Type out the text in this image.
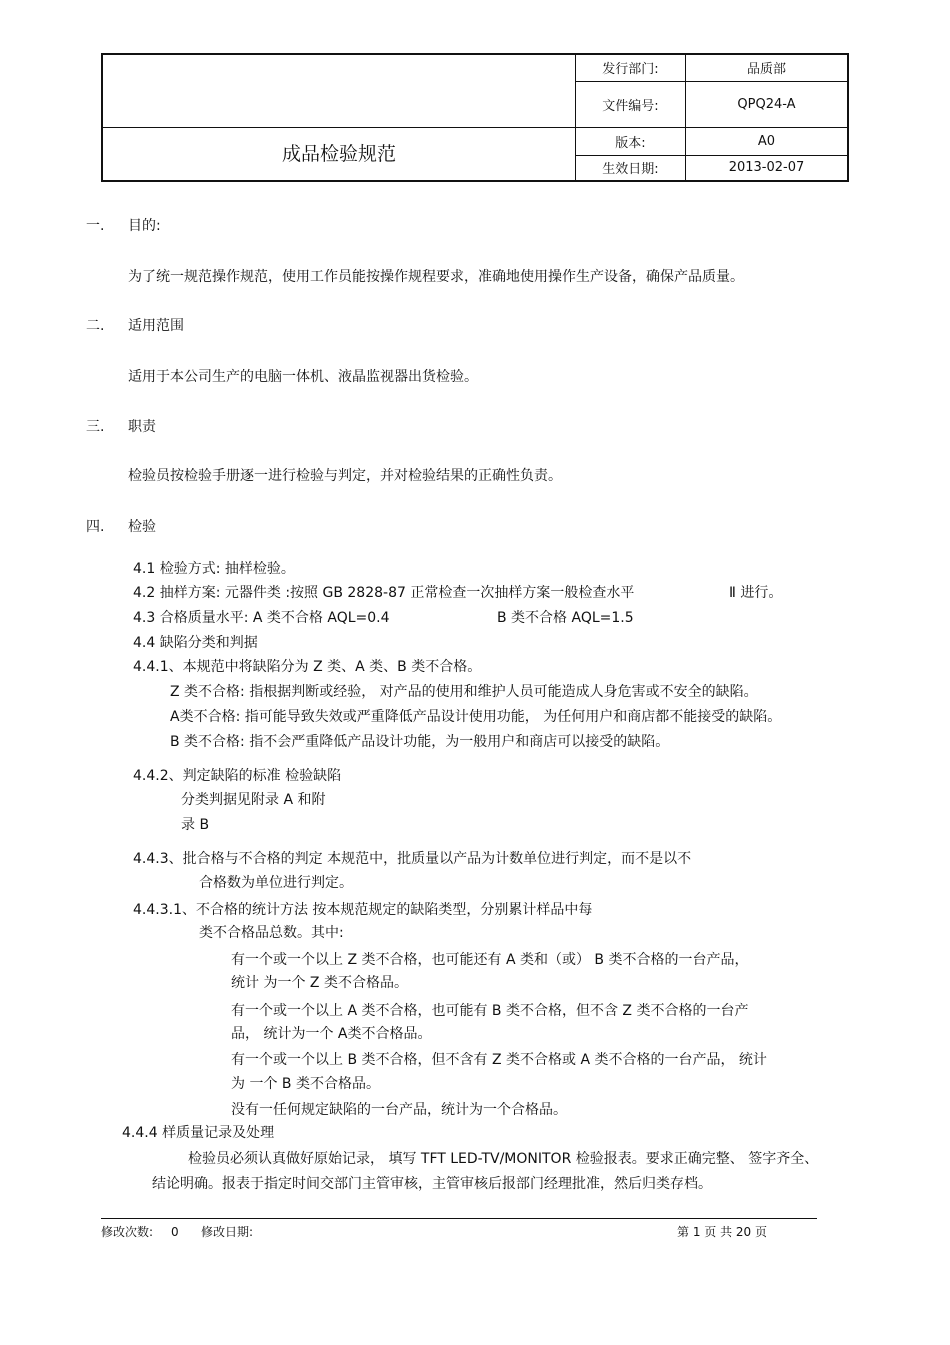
	发行部门:	品质部
	文件编号:	QPQ24-A
成品检验规范	版本:	A0
	生效日期:	2013-02-07
一. 目的:
为了统一规范操作规范，使用工作员能按操作规程要求，准确地使用操作生产设备，确保产品质量。
二. 适用范围
适用于本公司生产的电脑一体机、液晶监视器出货检验。
三. 职责
检验员按检验手册逐一进行检验与判定，并对检验结果的正确性负责。
四. 检验
4.1 检验方式: 抽样检验。
4.2 抽样方案: 元器件类 :按照 GB 2828-87 正常检查一次抽样方案一般检查水平	Ⅱ 进行。
4.3 合格质量水平: A 类不合格 AQL=0.4	B 类不合格 AQL=1.5
4.4 缺陷分类和判据
4.4.1、本规范中将缺陷分为 Z 类、A 类、B 类不合格。
Z 类不合格: 指根据判断或经验， 对产品的使用和维护人员可能造成人身危害或不安全的缺陷。
A类不合格: 指可能导致失效或严重降低产品设计使用功能， 为任何用户和商店都不能接受的缺陷。
B 类不合格: 指不会严重降低产品设计功能，为一般用户和商店可以接受的缺陷。
4.4.2、判定缺陷的标准 检验缺陷
分类判据见附录 A 和附
录 B
4.4.3、批合格与不合格的判定 本规范中，批质量以产品为计数单位进行判定，而不是以不
合格数为单位进行判定。
4.4.3.1、不合格的统计方法 按本规范规定的缺陷类型，分别累计样品中每
类不合格品总数。其中:
有一个或一个以上 Z 类不合格，也可能还有 A 类和（或） B 类不合格的一台产品，
统计 为一个 Z 类不合格品。
有一个或一个以上 A 类不合格，也可能有 B 类不合格，但不含 Z 类不合格的一台产
品， 统计为一个 A类不合格品。
有一个或一个以上 B 类不合格，但不含有 Z 类不合格或 A 类不合格的一台产品， 统计
为 一个 B 类不合格品。
没有一任何规定缺陷的一台产品，统计为一个合格品。
4.4.4 样质量记录及处理
检验员必须认真做好原始记录， 填写 TFT LED-TV/MONITOR 检验报表。要求正确完整、 签字齐全、
结论明确。报表于指定时间交部门主管审核，主管审核后报部门经理批准，然后归类存档。
修改次数: 0 修改日期:	第 1 页 共 20 页
